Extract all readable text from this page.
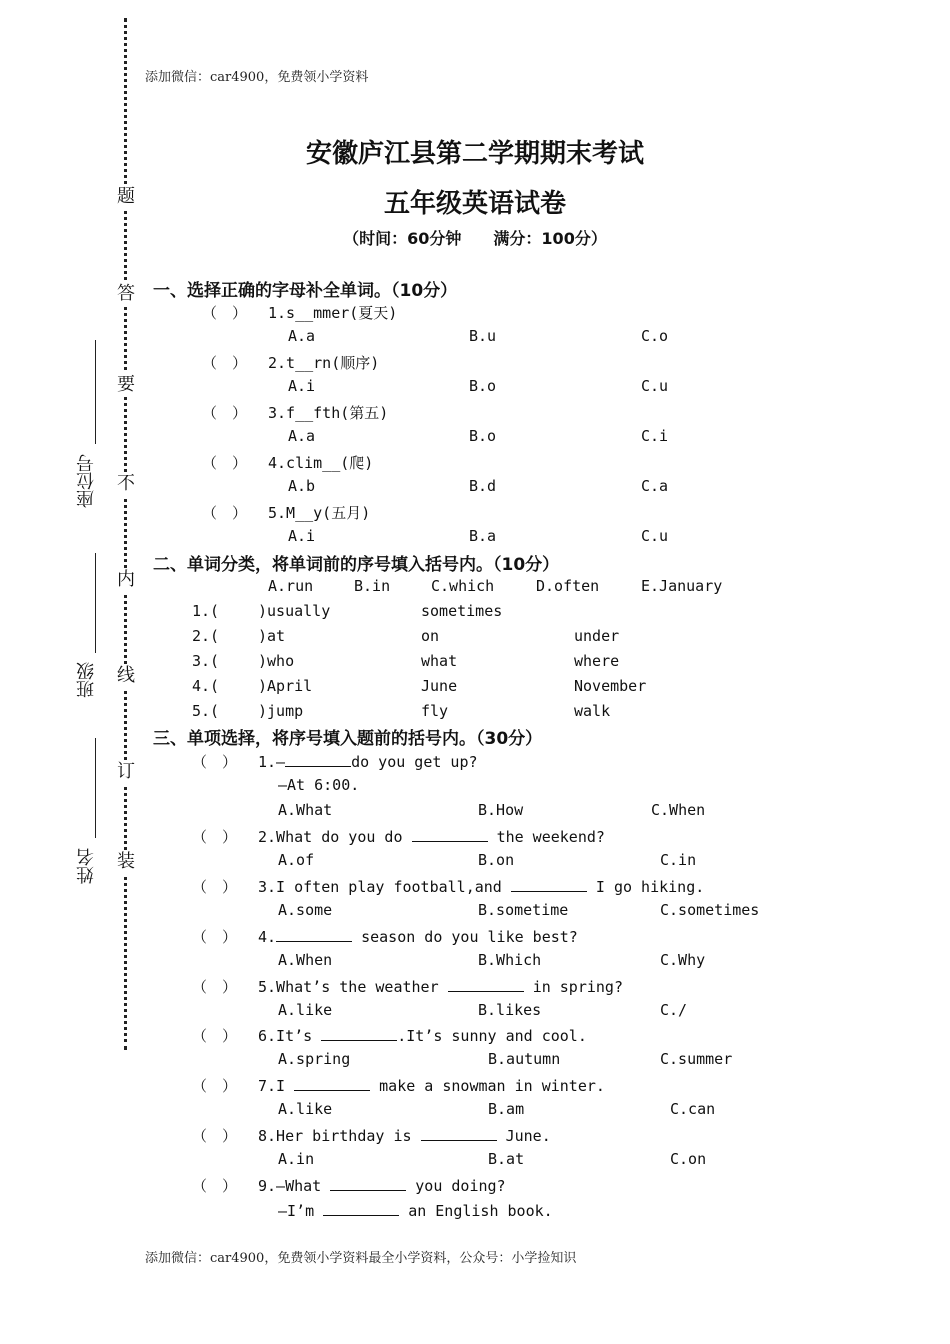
添加微信：car4900，免费领小学资料
添加微信：car4900，免费领小学资料最全小学资料，公众号：小学捡知识
题
答
要
不
内
线
订
装
座位号
班级
姓名
安徽庐江县第二学期期末考试
五年级英语试卷
（时间：60分钟　　满分：100分）
一、选择正确的字母补全单词。（10分）
（　 ） 1.s__mmer(夏天)
A.a	B.u	C.o
（　 ） 2.t__rn(顺序)
A.i	B.o	C.u
（　 ） 3.f__fth(第五)
A.a	B.o	C.i
（　 ） 4.clim__(爬)
A.b	B.d	C.a
（　 ） 5.M__y(五月)
A.i	B.a	C.u
二、单词分类，将单词前的序号填入括号内。（10分）
A.run	B.in	C.which	D.often	E.January
1.(	)usually	sometimes
2.(	)at	on	under
3.(	)who	what	where
4.(	)April	June	November
5.(	)jump	fly	walk
三、单项选择，将序号填入题前的括号内。（30分）
（　 ） 1.—	do you get up?
—At 6:00.
A.What	B.How	C.When
（　 ） 2.What do you do	the weekend?
A.of	B.on	C.in
（　 ） 3.I often play football,and	I go hiking.
A.some	B.sometime	C.sometimes
（　 ） 4.	season do you like best?
A.When	B.Which	C.Why
（　 ） 5.What’s the weather	in spring?
A.like	B.likes	C./
（　 ） 6.It’s	.It’s sunny and cool.
A.spring	B.autumn	C.summer
（　 ） 7.I	make a snowman in winter.
A.like	B.am	C.can
（　 ） 8.Her birthday is	June.
A.in	B.at	C.on
（　 ） 9.—What	you doing?
—I’m	an English book.
